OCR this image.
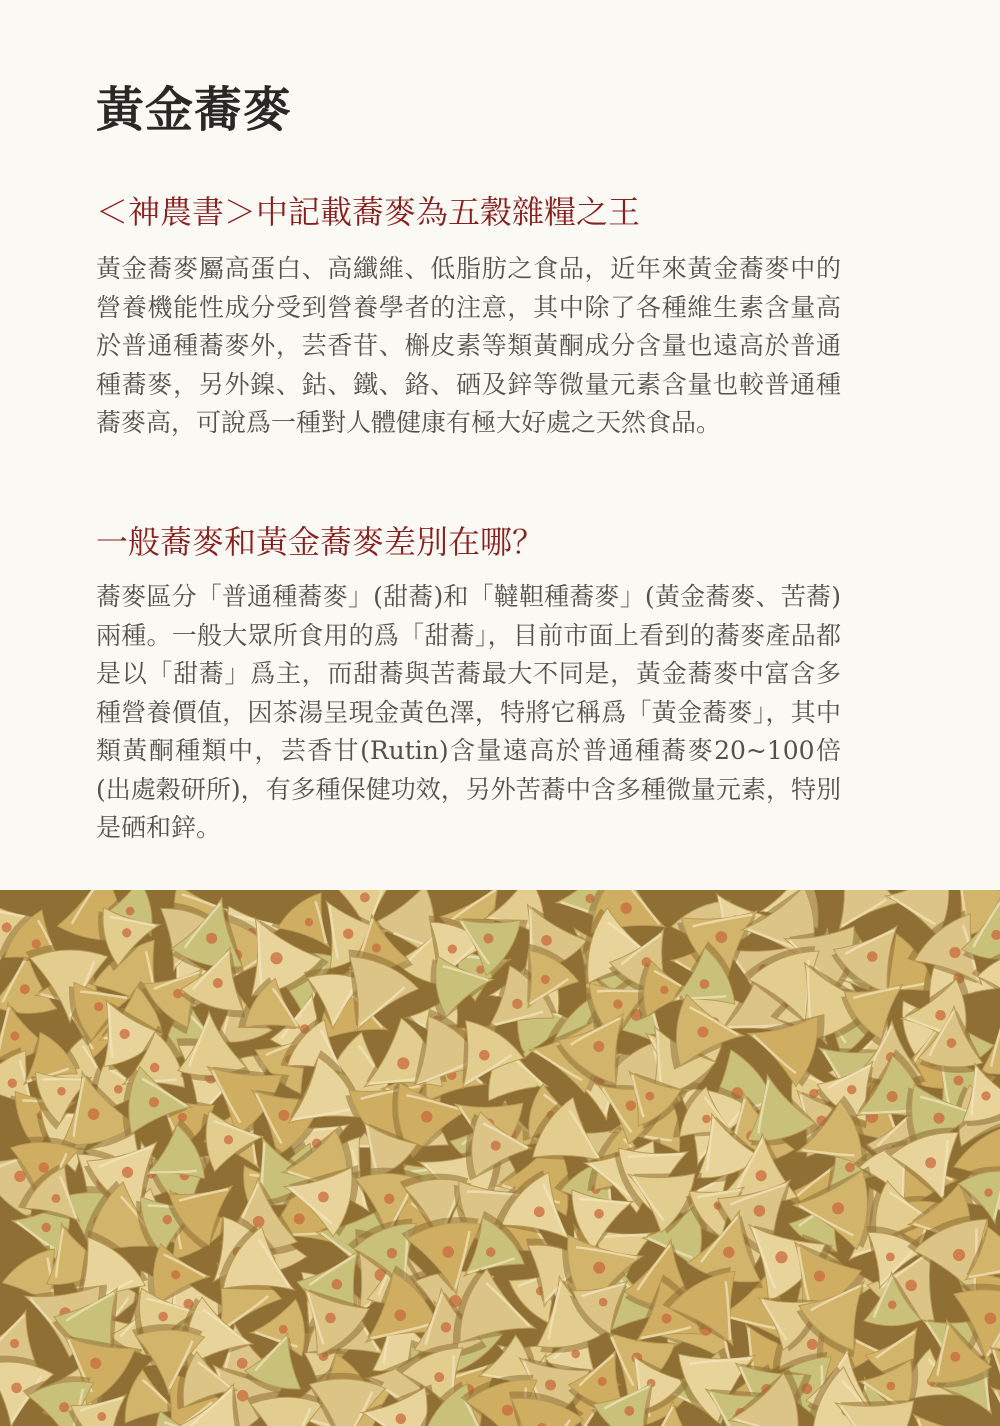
黃金蕎麥
＜神農書＞中記載蕎麥為五穀雜糧之王

黃金蕎麥屬高蛋白、高纖維、低脂肪之食品，近年來黃金蕎麥中的營養機能性成分受到營養學者的注意，其中除了各種維生素含量高於普通種蕎麥外，芸香苷、槲皮素等類黃酮成分含量也遠高於普通種蕎麥，另外鎳、鈷、鐵、鉻、硒及鋅等微量元素含量也較普通種蕎麥高，可說爲一種對人體健康有極大好處之天然食品。

一般蕎麥和黃金蕎麥差別在哪？

蕎麥區分「普通種蕎麥」(甜蕎)和「韃靼種蕎麥」(黃金蕎麥、苦蕎)兩種。一般大眾所食用的爲「甜蕎」，目前市面上看到的蕎麥產品都是以「甜蕎」爲主，而甜蕎與苦蕎最大不同是，黃金蕎麥中富含多種營養價值，因茶湯呈現金黃色澤，特將它稱爲「黃金蕎麥」，其中類黃酮種類中，芸香甘(Rutin)含量遠高於普通種蕎麥20~100倍(出處穀研所)，有多種保健功效，另外苦蕎中含多種微量元素，特別是硒和鋅。
